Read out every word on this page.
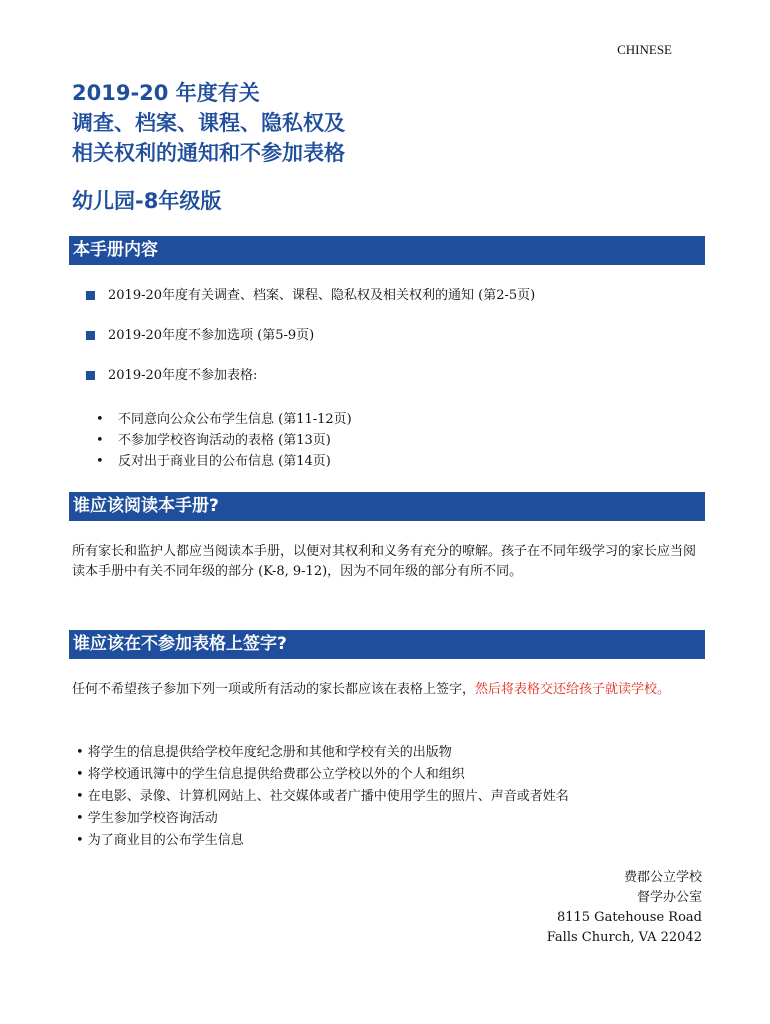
CHINESE
2019-20 年度有关
调查、档案、课程、隐私权及
相关权利的通知和不参加表格
幼儿园-8年级版
本手册内容
2019-20年度有关调查、档案、课程、隐私权及相关权利的通知 (第2-5页)
2019-20年度不参加选项 (第5-9页)
2019-20年度不参加表格:
• 不同意向公众公布学生信息 (第11-12页)
• 不参加学校咨询活动的表格 (第13页)
• 反对出于商业目的公布信息 (第14页)
谁应该阅读本手册?

所有家长和监护人都应当阅读本手册，以便对其权利和义务有充分的嘹解。孩子在不同年级学习的家长应当阅读本手册中有关不同年级的部分 (K-8, 9-12)，因为不同年级的部分有所不同。

谁应该在不参加表格上签字?

任何不希望孩子参加下列一项或所有活动的家长都应该在表格上签字，然后将表格交还给孩子就读学校。

• 将学生的信息提供给学校年度纪念册和其他和学校有关的出版物
• 将学校通讯簿中的学生信息提供给费郡公立学校以外的个人和组织
• 在电影、录像、计算机网站上、社交媒体或者广播中使用学生的照片、声音或者姓名
• 学生参加学校咨询活动
• 为了商业目的公布学生信息
费郡公立学校
督学办公室
8115 Gatehouse Road
Falls Church, VA 22042
